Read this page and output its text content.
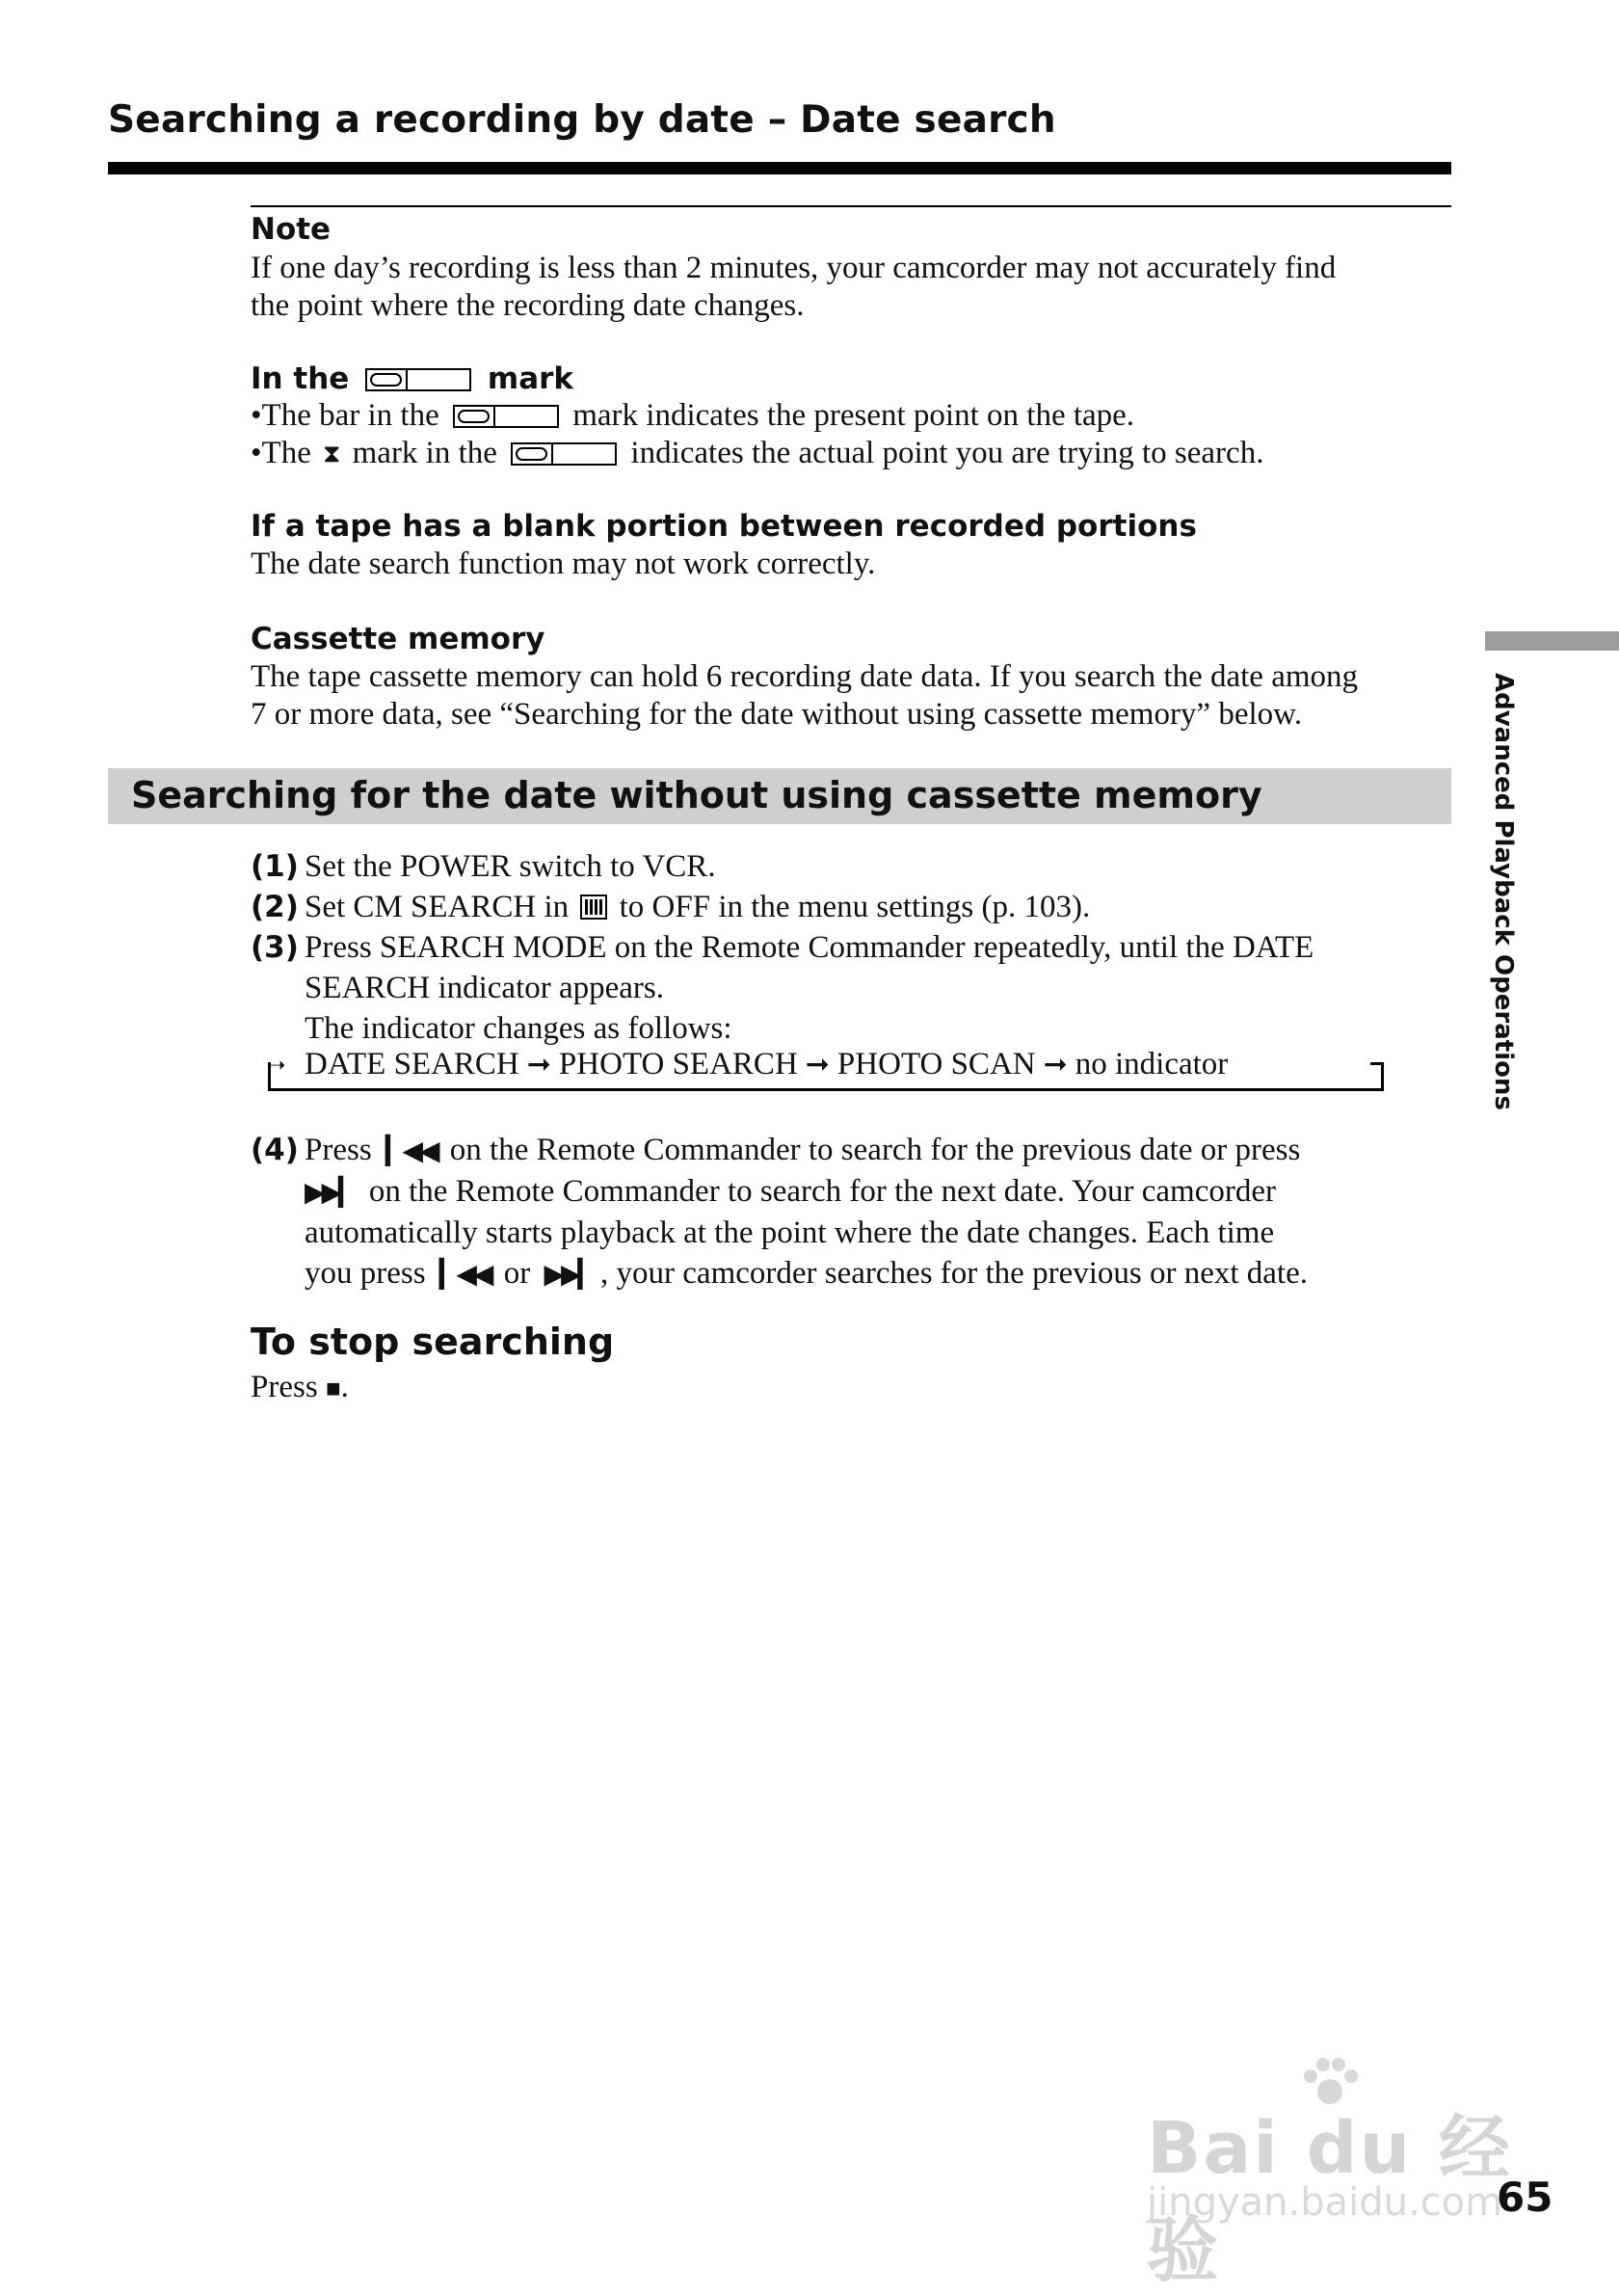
Searching a recording by date – Date search
Note

If one day’s recording is less than 2 minutes, your camcorder may not accurately find
the point where the recording date changes.

In the	mark

•The bar in the	mark indicates the present point on the tape.

•The ⧗ mark in the	indicates the actual point you are trying to search.

If a tape has a blank portion between recorded portions

The date search function may not work correctly.

Cassette memory

The tape cassette memory can hold 6 recording date data. If you search the date among
7 or more data, see “Searching for the date without using cassette memory” below.

Searching for the date without using cassette memory
(1) Set the POWER switch to VCR.
(2) Set CM SEARCH in to OFF in the menu settings (p. 103).
(3) Press SEARCH MODE on the Remote Commander repeatedly, until the DATE
SEARCH indicator appears.
The indicator changes as follows:
➝ DATE SEARCH ➞ PHOTO SEARCH ➞ PHOTO SCAN ➞ no indicator
(4) Press ▎◀◀ on the Remote Commander to search for the previous date or press
▶▶▎ on the Remote Commander to search for the next date. Your camcorder
automatically starts playback at the point where the date changes. Each time
you press ▎◀◀ or ▶▶▎ , your camcorder searches for the previous or next date.
To stop searching

Press ■.

Advanced Playback Operations
Bai du 经验
jingyan.baidu.com
65
